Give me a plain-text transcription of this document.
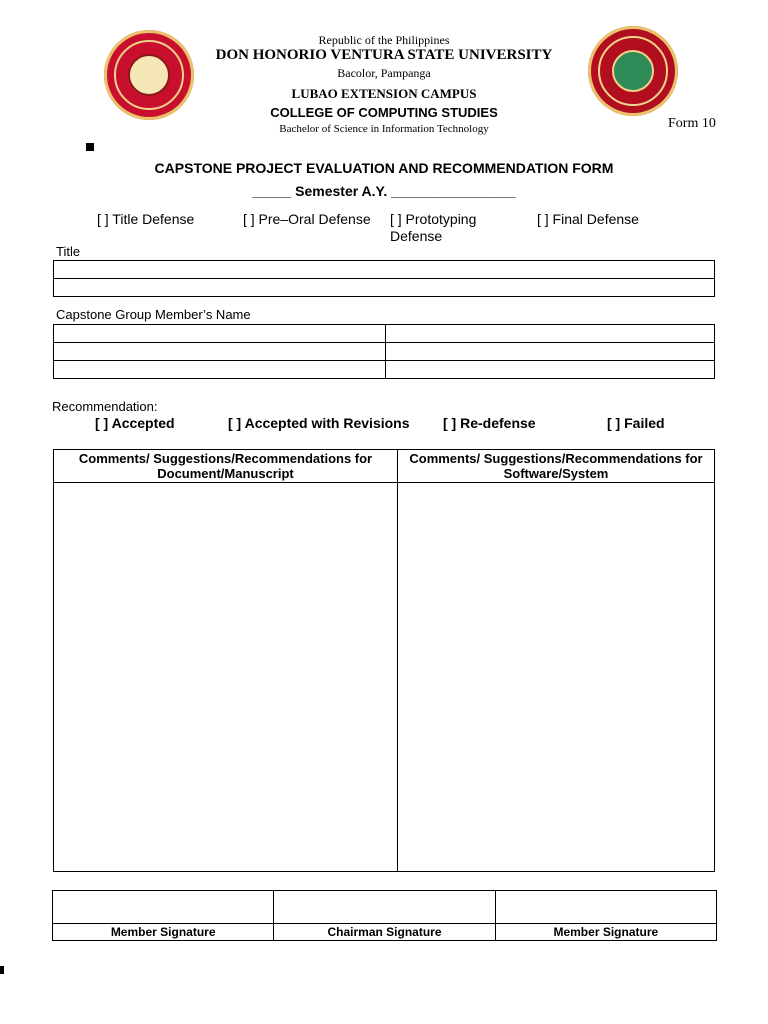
Republic of the Philippines
DON HONORIO VENTURA STATE UNIVERSITY
Bacolor, Pampanga
LUBAO EXTENSION CAMPUS
COLLEGE OF COMPUTING STUDIES
Bachelor of Science in Information Technology	Form 10
CAPSTONE PROJECT EVALUATION AND RECOMMENDATION FORM
_____ Semester A.Y. ________________
[ ] Title Defense	[ ] Pre–Oral Defense [ ] Prototyping
Defense
[ ] Final Defense
Title

Capstone Group Member’s Name

Recommendation:
[ ] Accepted	[ ] Accepted with Revisions [ ] Re-defense	[ ] Failed
Comments/ Suggestions/Recommendations for Document/Manuscript	Comments/ Suggestions/Recommendations for Software/System

Member Signature	Chairman Signature	Member Signature
